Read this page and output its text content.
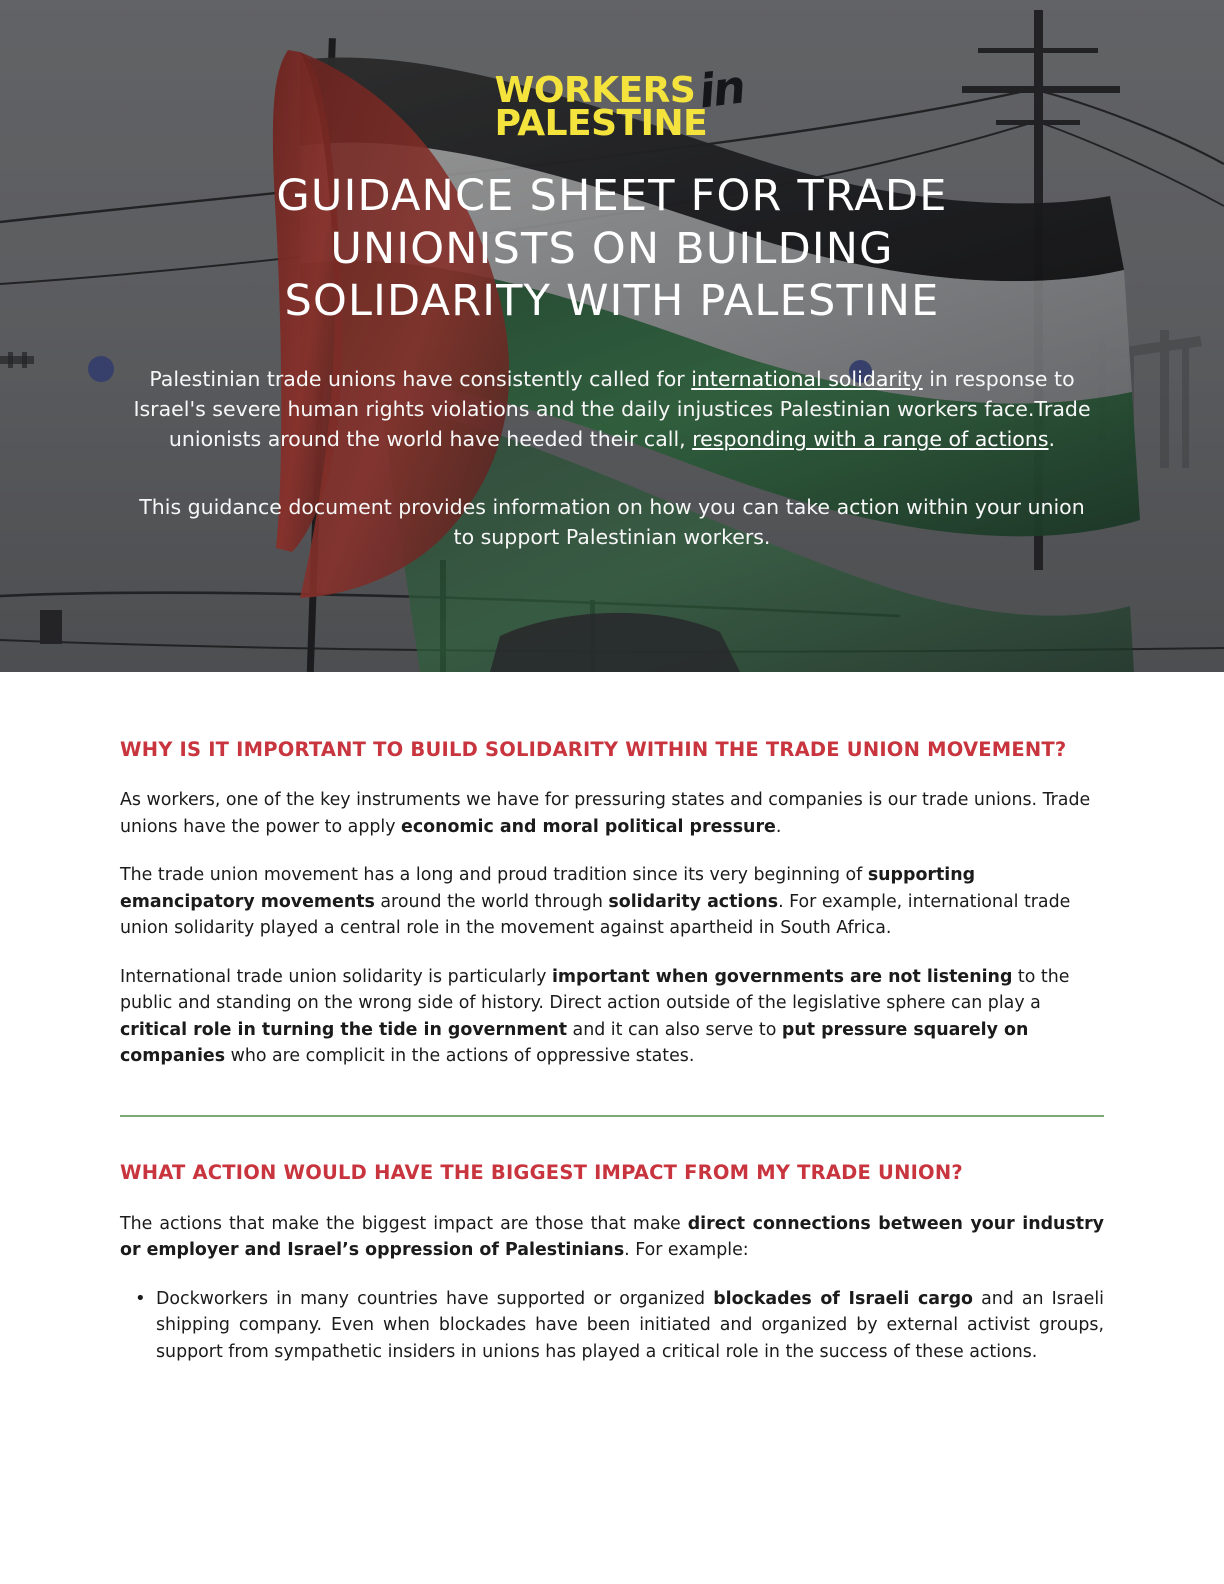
WORKERS
PALESTINE
in
GUIDANCE SHEET FOR TRADE UNIONISTS ON BUILDING SOLIDARITY WITH PALESTINE

Palestinian trade unions have consistently called for international solidarity in response to Israel's severe human rights violations and the daily injustices Palestinian workers face.Trade unionists around the world have heeded their call, responding with a range of actions.

This guidance document provides information on how you can take action within your union to support Palestinian workers.

WHY IS IT IMPORTANT TO BUILD SOLIDARITY WITHIN THE TRADE UNION MOVEMENT?

As workers, one of the key instruments we have for pressuring states and companies is our trade unions. Trade unions have the power to apply economic and moral political pressure.

The trade union movement has a long and proud tradition since its very beginning of supporting emancipatory movements around the world through solidarity actions. For example, international trade union solidarity played a central role in the movement against apartheid in South Africa.

International trade union solidarity is particularly important when governments are not listening to the public and standing on the wrong side of history. Direct action outside of the legislative sphere can play a critical role in turning the tide in government and it can also serve to put pressure squarely on companies who are complicit in the actions of oppressive states.

WHAT ACTION WOULD HAVE THE BIGGEST IMPACT FROM MY TRADE UNION?

The actions that make the biggest impact are those that make direct connections between your industry or employer and Israel’s oppression of Palestinians. For example:

• Dockworkers in many countries have supported or organized blockades of Israeli cargo and an Israeli shipping company. Even when blockades have been initiated and organized by external activist groups, support from sympathetic insiders in unions has played a critical role in the success of these actions.
